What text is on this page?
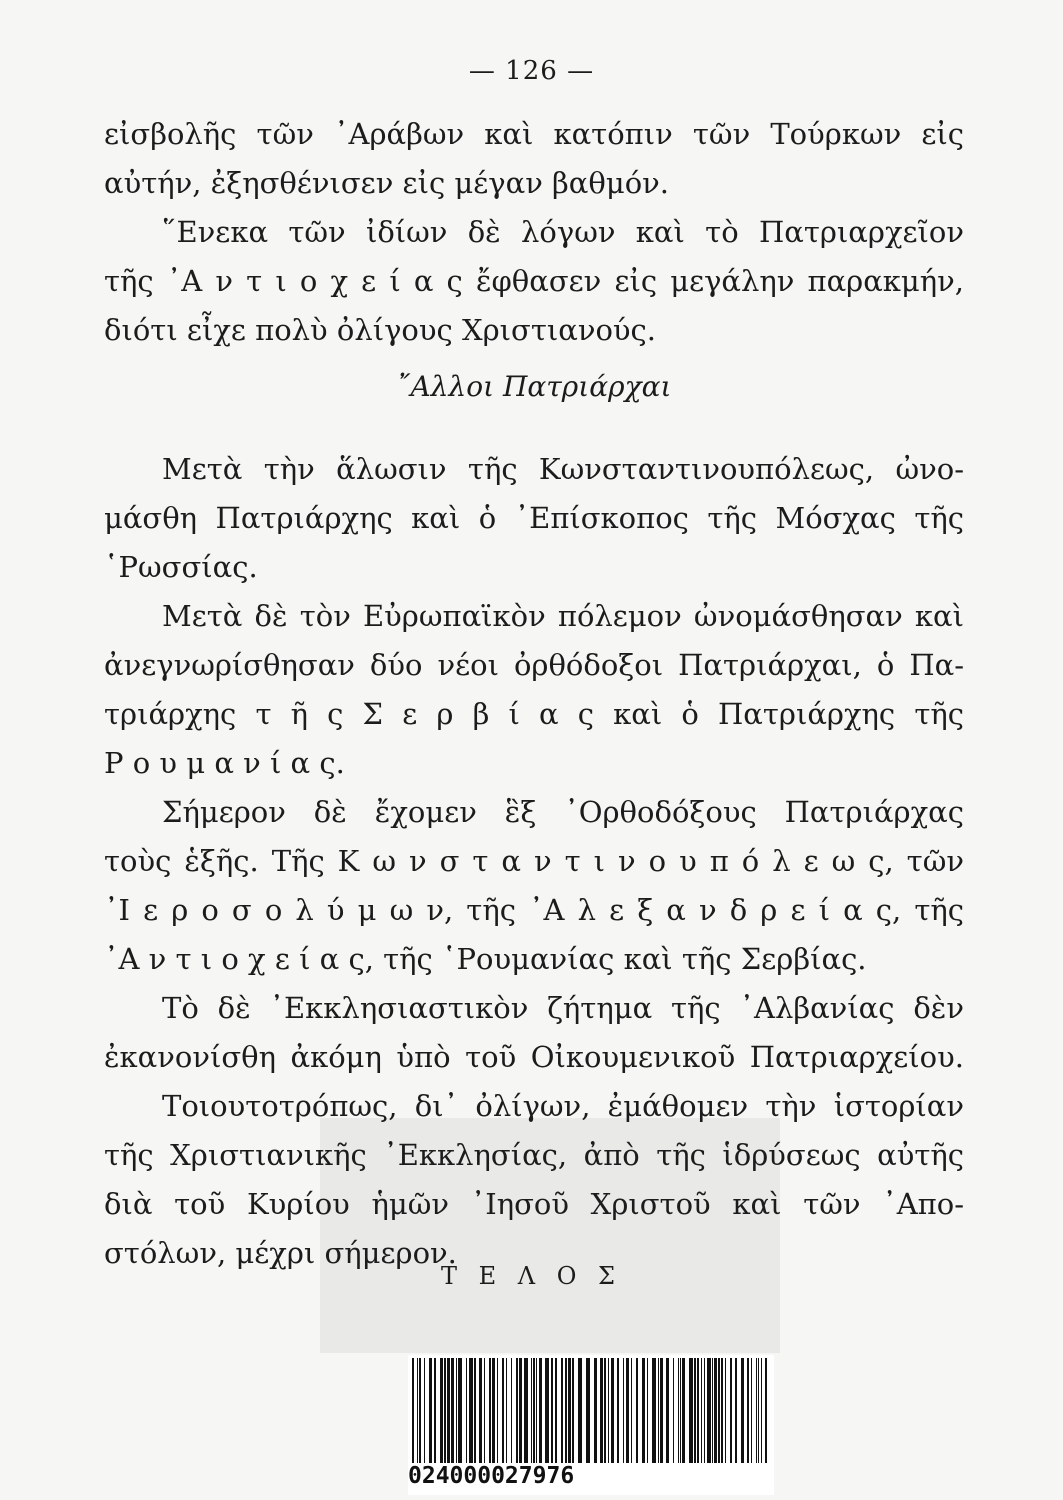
— 126 —
εἰσβολῆς τῶν ᾿Αράβων καὶ κατόπιν τῶν Τούρκων εἰς
αὐτήν, ἐξησθένισεν εἰς μέγαν βαθμόν.
῞Ενεκα τῶν ἰδίων δὲ λόγων καὶ τὸ Πατριαρχεῖον
τῆς ᾿Α ν τ ι ο χ ε ί α ς ἔφθασεν εἰς μεγάλην παρακμήν,
διότι εἶχε πολὺ ὀλίγους Χριστιανούς.
῎Αλλοι Πατριάρχαι
Μετὰ τὴν ἅλωσιν τῆς Κωνσταντινουπόλεως, ὠνο-
μάσθη Πατριάρχης καὶ ὁ ᾿Επίσκοπος τῆς Μόσχας τῆς
῾Ρωσσίας.
Μετὰ δὲ τὸν Εὐρωπαϊκὸν πόλεμον ὠνομάσθησαν καὶ
ἀνεγνωρίσθησαν δύο νέοι ὀρθόδοξοι Πατριάρχαι, ὁ Πα-
τριάρχης τ ῆ ς Σ ε ρ β ί α ς καὶ ὁ Πατριάρχης τῆς
Ρ ο υ μ α ν ί α ς.
Σήμερον δὲ ἔχομεν ἓξ ᾿Ορθοδόξους Πατριάρχας
τοὺς ἑξῆς. Τῆς Κ ω ν σ τ α ν τ ι ν ο υ π ό λ ε ω ς, τῶν
᾿Ι ε ρ ο σ ο λ ύ μ ω ν, τῆς ᾿Α λ ε ξ α ν δ ρ ε ί α ς, τῆς
᾿Α ν τ ι ο χ ε ί α ς, τῆς ῾Ρουμανίας καὶ τῆς Σερβίας.
Τὸ δὲ ᾿Εκκλησιαστικὸν ζήτημα τῆς ᾿Αλβανίας δὲν
ἐκανονίσθη ἀκόμη ὑπὸ τοῦ Οἰκουμενικοῦ Πατριαρχείου.
Τοιουτοτρόπως, δι᾿ ὀλίγων, ἐμάθομεν τὴν ἱστορίαν
τῆς Χριστιανικῆς ᾿Εκκλησίας, ἀπὸ τῆς ἱδρύσεως αὐτῆς
διὰ τοῦ Κυρίου ἡμῶν ᾿Ιησοῦ Χριστοῦ καὶ τῶν ᾿Απο-
στόλων, μέχρι σήμερον.
Τ Ε Λ Ο Σ
024000027976
